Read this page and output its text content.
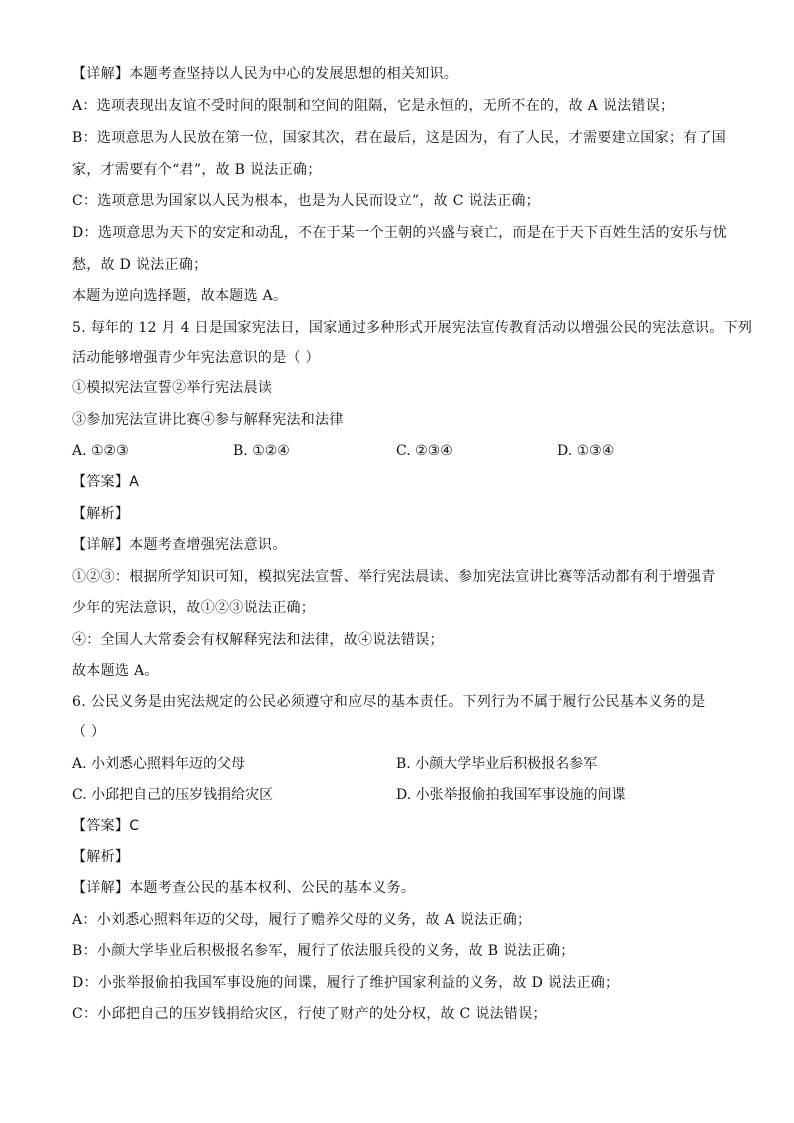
【详解】本题考查坚持以人民为中心的发展思想的相关知识。
A：选项表现出友谊不受时间的限制和空间的阻隔，它是永恒的，无所不在的，故 A 说法错误；
B：选项意思为人民放在第一位，国家其次，君在最后，这是因为，有了人民，才需要建立国家；有了国
家，才需要有个“君”，故 B 说法正确；
C：选项意思为国家以人民为根本，也是为人民而设立”，故 C 说法正确；
D：选项意思为天下的安定和动乱，不在于某一个王朝的兴盛与衰亡，而是在于天下百姓生活的安乐与忧
愁，故 D 说法正确；
本题为逆向选择题，故本题选 A。
5. 每年的 12 月 4 日是国家宪法日，国家通过多种形式开展宪法宣传教育活动以增强公民的宪法意识。下列
活动能够增强青少年宪法意识的是（ ）
①模拟宪法宣誓②举行宪法晨读
③参加宪法宣讲比赛④参与解释宪法和法律
A. ①②③	B. ①②④	C. ②③④	D. ①③④
【答案】A
【解析】
【详解】本题考查增强宪法意识。
①②③：根据所学知识可知，模拟宪法宣誓、举行宪法晨读、参加宪法宣讲比赛等活动都有利于增强青
少年的宪法意识，故①②③说法正确；
④：全国人大常委会有权解释宪法和法律，故④说法错误；
故本题选 A。
6. 公民义务是由宪法规定的公民必须遵守和应尽的基本责任。下列行为不属于履行公民基本义务的是
（ ）
A. 小刘悉心照料年迈的父母	B. 小颜大学毕业后积极报名参军
C. 小邱把自己的压岁钱捐给灾区	D. 小张举报偷拍我国军事设施的间谍
【答案】C
【解析】
【详解】本题考查公民的基本权利、公民的基本义务。
A：小刘悉心照料年迈的父母，履行了赡养父母的义务，故 A 说法正确；
B：小颜大学毕业后积极报名参军，履行了依法服兵役的义务，故 B 说法正确；
D：小张举报偷拍我国军事设施的间谍，履行了维护国家利益的义务，故 D 说法正确；
C：小邱把自己的压岁钱捐给灾区，行使了财产的处分权，故 C 说法错误；
